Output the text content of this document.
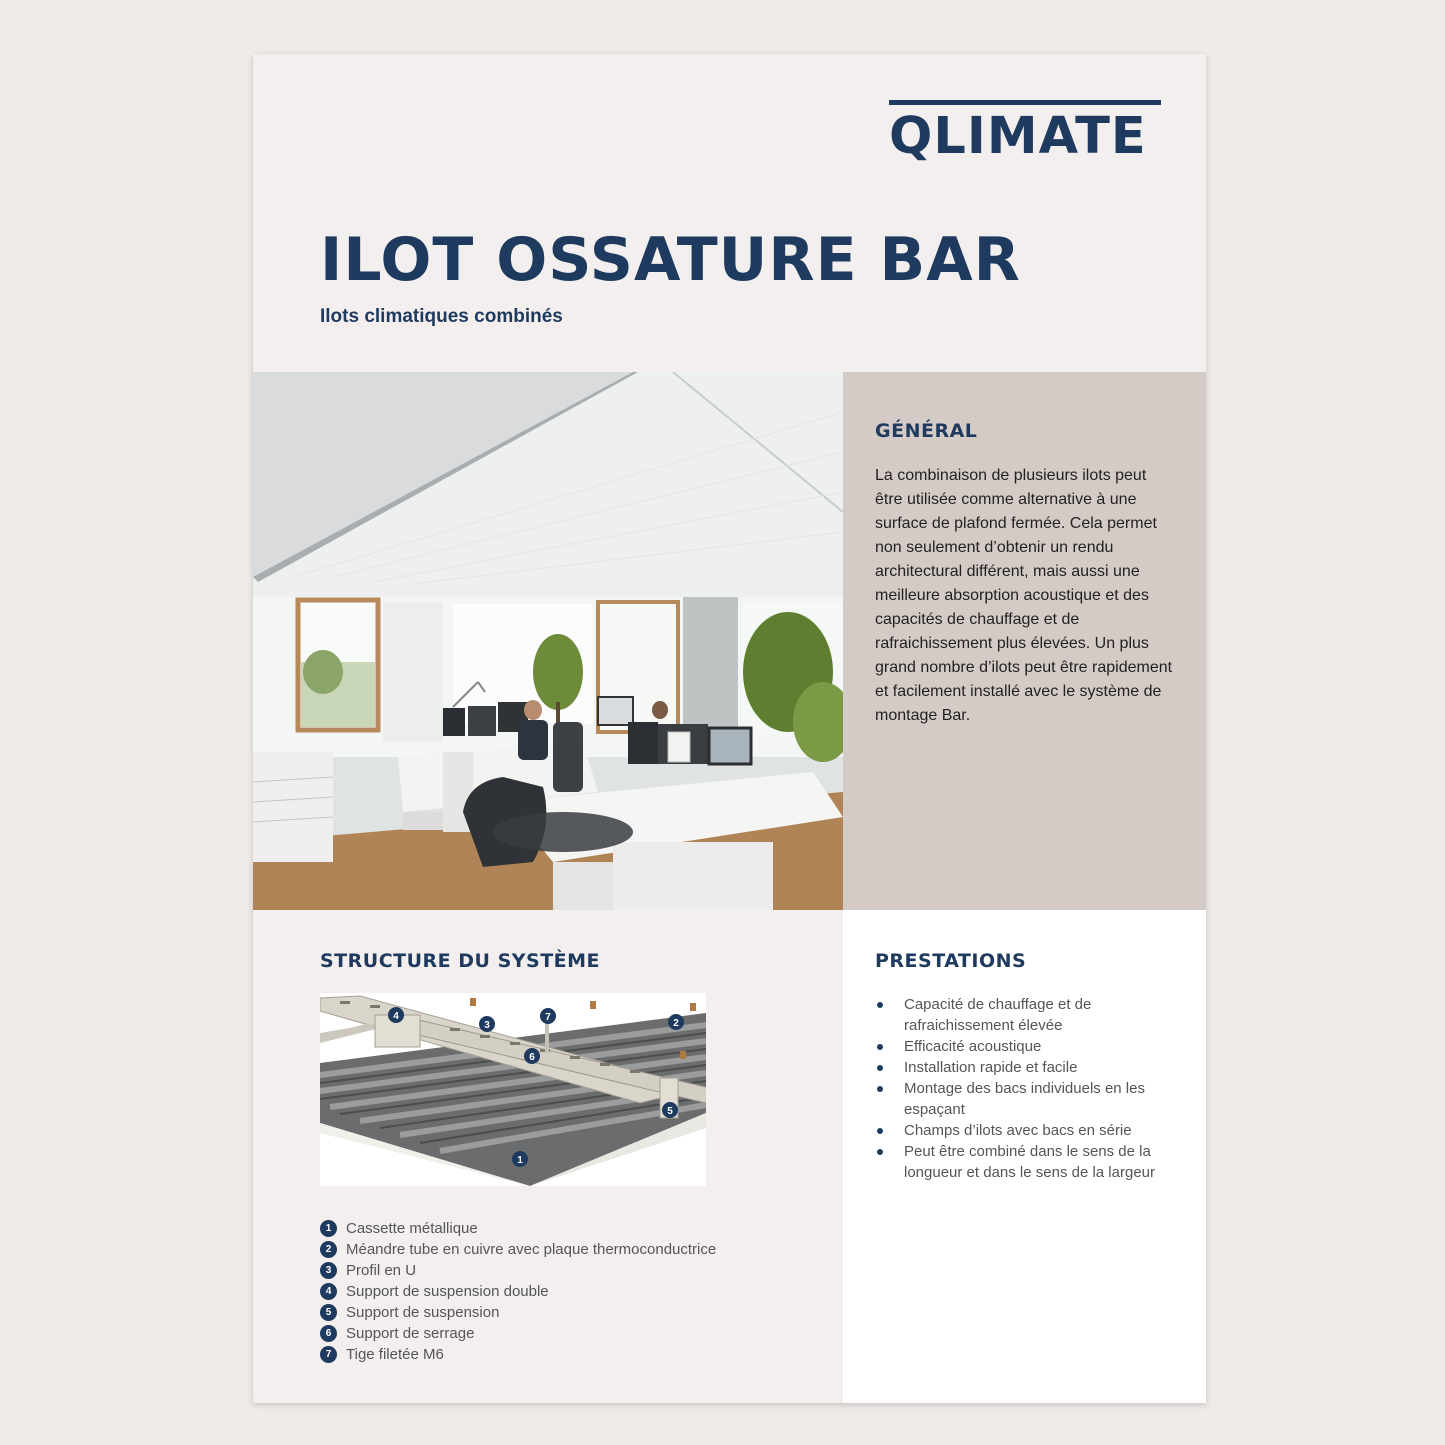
QLIMATE
ILOT OSSATURE BAR
Ilots climatiques combinés
GÉNÉRAL
La combinaison de plusieurs ilots peut être utilisée comme alternative à une surface de plafond fermée. Cela permet non seulement d’obtenir un rendu architectural différent, mais aussi une meilleure absorption acoustique et des capacités de chauffage et de rafraichissement plus élevées. Un plus grand nombre d’ilots peut être rapidement et facilement installé avec le système de montage Bar.
STRUCTURE DU SYSTÈME
4
3
7
2
6
5
1
1 Cassette métallique
2 Méandre tube en cuivre avec plaque thermoconductrice
3 Profil en U
4 Support de suspension double
5 Support de suspension
6 Support de serrage
7 Tige filetée M6
PRESTATIONS
Capacité de chauffage et de rafraichissement élevée
Efficacité acoustique
Installation rapide et facile
Montage des bacs individuels en les espaçant
Champs d’ilots avec bacs en série
Peut être combiné dans le sens de la longueur et dans le sens de la largeur
